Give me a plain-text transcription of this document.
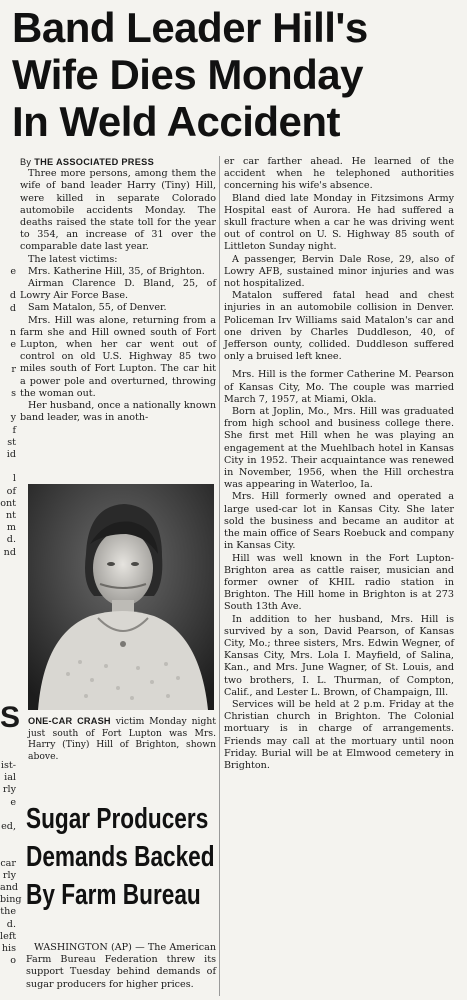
Band Leader Hill's
Wife Dies Monday
In Weld Accident
e

d
d

n
e

r

s

y
f
st
id

l
of
ont
nt
m
d.
nd
S
ist-
ial
rly
e

ed,

car
rly
and
bing
the
d.
left
his
o

By THE ASSOCIATED PRESS

Three more persons, among them the wife of band leader Harry (Tiny) Hill, were killed in separate Colorado automobile accidents Monday. The deaths raised the state toll for the year to 354, an increase of 31 over the comparable date last year.

The latest victims:

Mrs. Katherine Hill, 35, of Brighton.

Airman Clarence D. Bland, 25, of Lowry Air Force Base.

Sam Matalon, 55, of Denver.

Mrs. Hill was alone, returning from a farm she and Hill owned south of Fort Lupton, when her car went out of control on old U.S. Highway 85 two miles south of Fort Lupton. The car hit a power pole and overturned, throwing the woman out.

Her husband, once a nationally known band leader, was in anoth-

ONE-CAR CRASH victim Monday night just south of Fort Lupton was Mrs. Harry (Tiny) Hill of Brighton, shown above.
Sugar Producers
Demands Backed
By Farm Bureau

WASHINGTON (AP) — The American Farm Bureau Federation threw its support Tuesday behind demands of sugar producers for higher prices.

er car farther ahead. He learned of the accident when he telephoned authorities concerning his wife's absence.

Bland died late Monday in Fitzsimons Army Hospital east of Aurora. He had suffered a skull fracture when a car he was driving went out of control on U. S. Highway 85 south of Littleton Sunday night.

A passenger, Bervin Dale Rose, 29, also of Lowry AFB, sustained minor injuries and was not hospitalized.

Matalon suffered fatal head and chest injuries in an automobile collision in Denver. Policeman Irv Williams said Matalon's car and one driven by Charles Duddleson, 40, of Jefferson ounty, collided. Duddleson suffered only a bruised left knee.

Mrs. Hill is the former Catherine M. Pearson of Kansas City, Mo. The couple was married March 7, 1957, at Miami, Okla.

Born at Joplin, Mo., Mrs. Hill was graduated from high school and business college there. She first met Hill when he was playing an engagement at the Muehlbach hotel in Kansas City in 1952. Their acquaintance was renewed in November, 1956, when the Hill orchestra was appearing in Waterloo, Ia.

Mrs. Hill formerly owned and operated a large used-car lot in Kansas City. She later sold the business and became an auditor at the main office of Sears Roebuck and company in Kansas City.

Hill was well known in the Fort Lupton-Brighton area as cattle raiser, musician and former owner of KHIL radio station in Brighton. The Hill home in Brighton is at 273 South 13th Ave.

In addition to her husband, Mrs. Hill is survived by a son, David Pearson, of Kansas City, Mo.; three sisters, Mrs. Edwin Wegner, of Kansas City, Mrs. Lola I. Mayfield, of Salina, Kan., and Mrs. June Wagner, of St. Louis, and two brothers, I. L. Thurman, of Compton, Calif., and Lester L. Brown, of Champaign, Ill.

Services will be held at 2 p.m. Friday at the Christian church in Brighton. The Colonial mortuary is in charge of arrangements. Friends may call at the mortuary until noon Friday. Burial will be at Elmwood cemetery in Brighton.
